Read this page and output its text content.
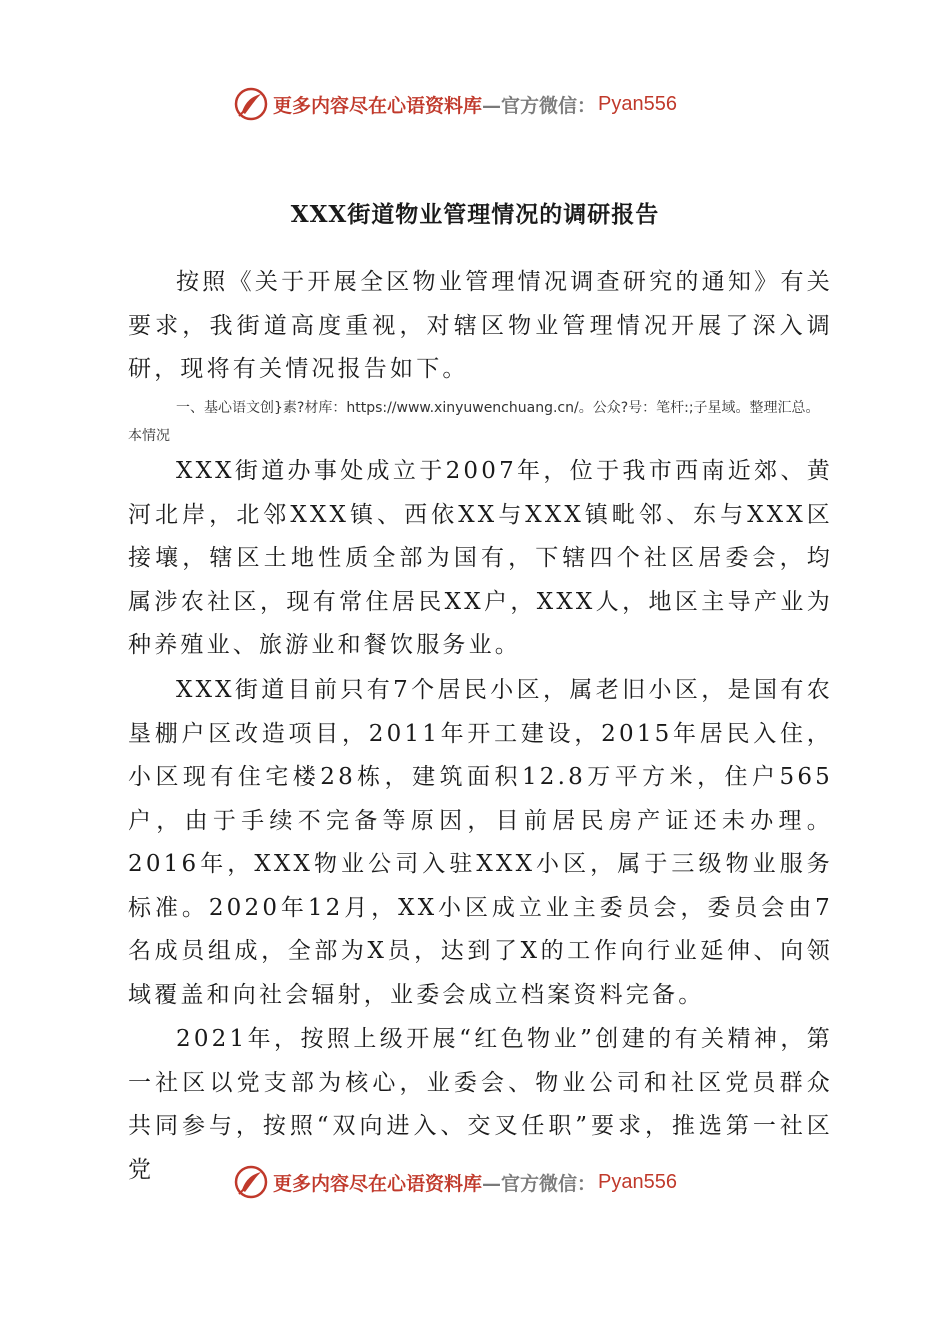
更多内容尽在心语资料库 —官方微信： Pyan556
XXX街道物业管理情况的调研报告

按照《关于开展全区物业管理情况调查研究的通知》有关要求，我街道高度重视，对辖区物业管理情况开展了深入调研，现将有关情况报告如下。

一、基心语文创}素?材库：https://www.xinyuwenchuang.cn/。公众?号：笔杆:;子星域。整理汇总。本情况

XXX街道办事处成立于2007年，位于我市西南近郊、黄河北岸，北邻XXX镇、西依XX与XXX镇毗邻、东与XXX区接壤，辖区土地性质全部为国有，下辖四个社区居委会，均属涉农社区，现有常住居民XX户，XXX人，地区主导产业为种养殖业、旅游业和餐饮服务业。

XXX街道目前只有7个居民小区，属老旧小区，是国有农垦棚户区改造项目，2011年开工建设，2015年居民入住，小区现有住宅楼28栋，建筑面积12.8万平方米，住户565户，由于手续不完备等原因，目前居民房产证还未办理。2016年，XXX物业公司入驻XXX小区，属于三级物业服务标准。2020年12月，XX小区成立业主委员会，委员会由7名成员组成，全部为X员，达到了X的工作向行业延伸、向领域覆盖和向社会辐射，业委会成立档案资料完备。

2021年，按照上级开展“红色物业”创建的有关精神，第一社区以党支部为核心，业委会、物业公司和社区党员群众共同参与，按照“双向进入、交叉任职”要求，推选第一社区党

更多内容尽在心语资料库 —官方微信： Pyan556
